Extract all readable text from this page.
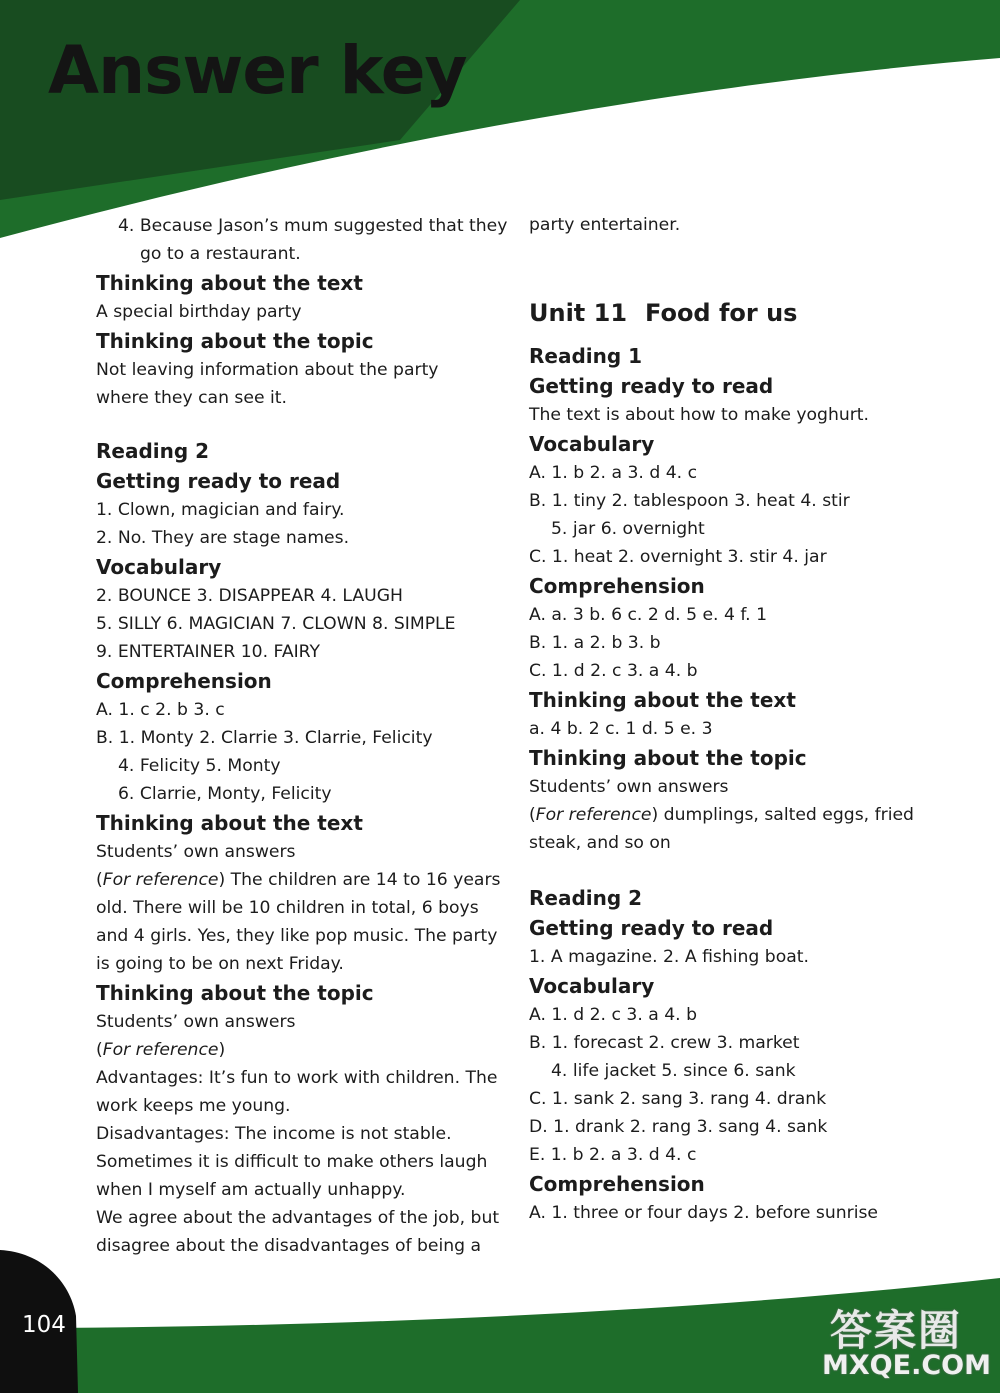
Answer key
4. Because Jason’s mum suggested that they
go to a restaurant.
Thinking about the text
A special birthday party
Thinking about the topic
Not leaving information about the party
where they can see it.
Reading 2
Getting ready to read
1. Clown, magician and fairy.
2. No. They are stage names.
Vocabulary
2. BOUNCE 3. DISAPPEAR 4. LAUGH
5. SILLY 6. MAGICIAN 7. CLOWN 8. SIMPLE
9. ENTERTAINER 10. FAIRY
Comprehension
A. 1. c 2. b 3. c
B. 1. Monty 2. Clarrie 3. Clarrie, Felicity
4. Felicity 5. Monty
6. Clarrie, Monty, Felicity
Thinking about the text
Students’ own answers
(For reference) The children are 14 to 16 years
old. There will be 10 children in total, 6 boys
and 4 girls. Yes, they like pop music. The party
is going to be on next Friday.
Thinking about the topic
Students’ own answers
(For reference)
Advantages: It’s fun to work with children. The
work keeps me young.
Disadvantages: The income is not stable.
Sometimes it is difficult to make others laugh
when I myself am actually unhappy.
We agree about the advantages of the job, but
disagree about the disadvantages of being a
party entertainer.
Unit 11 Food for us
Reading 1
Getting ready to read
The text is about how to make yoghurt.
Vocabulary
A. 1. b 2. a 3. d 4. c
B. 1. tiny 2. tablespoon 3. heat 4. stir
5. jar 6. overnight
C. 1. heat 2. overnight 3. stir 4. jar
Comprehension
A. a. 3 b. 6 c. 2 d. 5 e. 4 f. 1
B. 1. a 2. b 3. b
C. 1. d 2. c 3. a 4. b
Thinking about the text
a. 4 b. 2 c. 1 d. 5 e. 3
Thinking about the topic
Students’ own answers
(For reference) dumplings, salted eggs, fried
steak, and so on
Reading 2
Getting ready to read
1. A magazine. 2. A fishing boat.
Vocabulary
A. 1. d 2. c 3. a 4. b
B. 1. forecast 2. crew 3. market
4. life jacket 5. since 6. sank
C. 1. sank 2. sang 3. rang 4. drank
D. 1. drank 2. rang 3. sang 4. sank
E. 1. b 2. a 3. d 4. c
Comprehension
A. 1. three or four days 2. before sunrise
104	答案圈
MXQE.COM
